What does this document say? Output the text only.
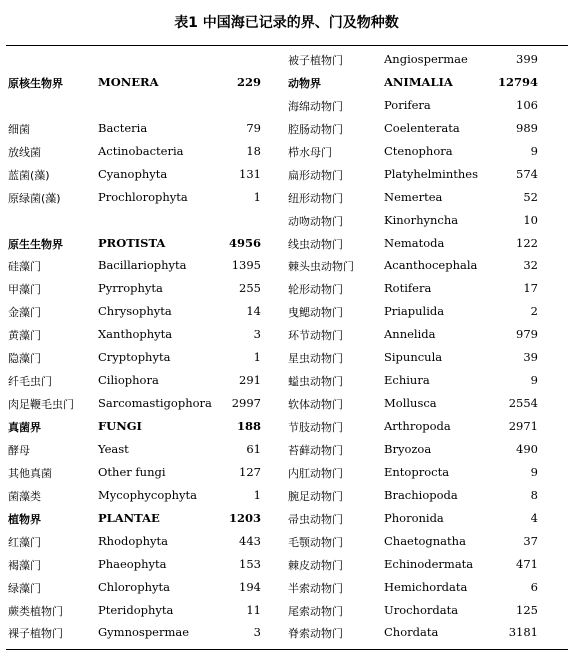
表1 中国海已记录的界、门及物种数
原核生物界	MONERA	229
细菌	Bacteria	79
放线菌	Actinobacteria	18
蓝菌(藻)	Cyanophyta	131
原绿菌(藻)	Prochlorophyta	1
原生生物界	PROTISTA	4956
硅藻门	Bacillariophyta	1395
甲藻门	Pyrrophyta	255
金藻门	Chrysophyta	14
黄藻门	Xanthophyta	3
隐藻门	Cryptophyta	1
纤毛虫门	Ciliophora	291
肉足鞭毛虫门 Sarcomastigophora 2997
真菌界	FUNGI	188
酵母	Yeast	61
其他真菌	Other fungi	127
菌藻类	Mycophycophyta	1
植物界	PLANTAE	1203
红藻门	Rhodophyta	443
褐藻门	Phaeophyta	153
绿藻门	Chlorophyta	194
蕨类植物门	Pteridophyta	11
裸子植物门	Gymnospermae	3
被子植物门	Angiospermae	399
动物界	ANIMALIA	12794
海绵动物门	Porifera	106
腔肠动物门	Coelenterata	989
栉水母门	Ctenophora	9
扁形动物门	Platyhelminthes	574
纽形动物门	Nemertea	52
动吻动物门	Kinorhyncha	10
线虫动物门	Nematoda	122
棘头虫动物门	Acanthocephala	32
轮形动物门	Rotifera	17
曳鳃动物门	Priapulida	2
环节动物门	Annelida	979
星虫动物门	Sipuncula	39
螠虫动物门	Echiura	9
软体动物门	Mollusca	2554
节肢动物门	Arthropoda	2971
苔藓动物门	Bryozoa	490
内肛动物门	Entoprocta	9
腕足动物门	Brachiopoda	8
帚虫动物门	Phoronida	4
毛颚动物门	Chaetognatha	37
棘皮动物门	Echinodermata	471
半索动物门	Hemichordata	6
尾索动物门	Urochordata	125
脊索动物门	Chordata	3181
